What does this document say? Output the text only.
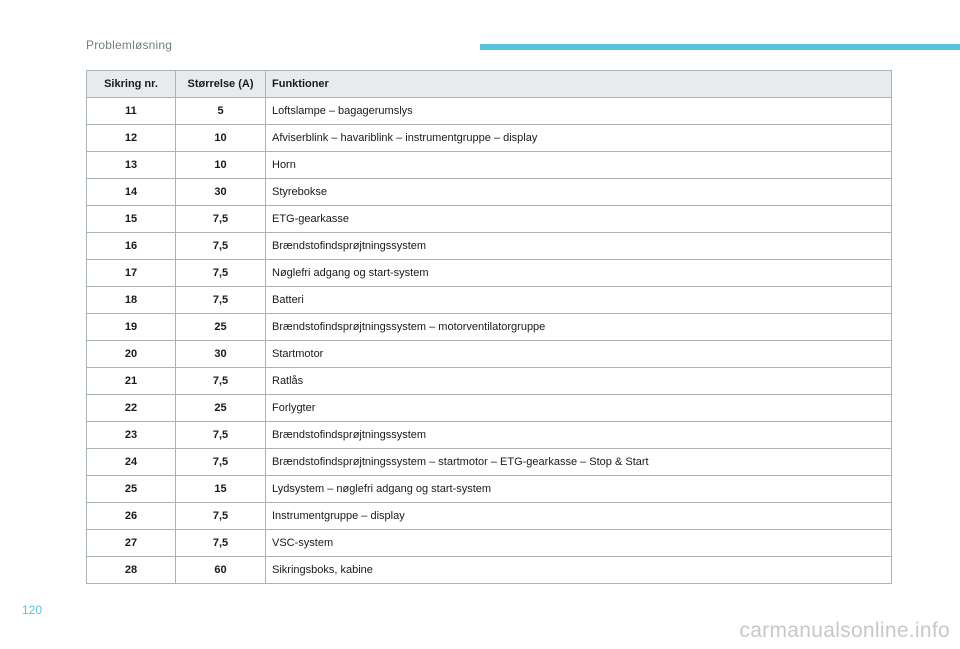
Problemløsning
Sikring nr.	Størrelse (A)	Funktioner
11	5	Loftslampe – bagagerumslys
12	10	Afviserblink – havariblink – instrumentgruppe – display
13	10	Horn
14	30	Styrebokse
15	7,5	ETG-gearkasse
16	7,5	Brændstofindsprøjtningssystem
17	7,5	Nøglefri adgang og start-system
18	7,5	Batteri
19	25	Brændstofindsprøjtningssystem – motorventilatorgruppe
20	30	Startmotor
21	7,5	Ratlås
22	25	Forlygter
23	7,5	Brændstofindsprøjtningssystem
24	7,5	Brændstofindsprøjtningssystem – startmotor – ETG-gearkasse – Stop & Start
25	15	Lydsystem – nøglefri adgang og start-system
26	7,5	Instrumentgruppe – display
27	7,5	VSC-system
28	60	Sikringsboks, kabine
120
carmanualsonline.info
